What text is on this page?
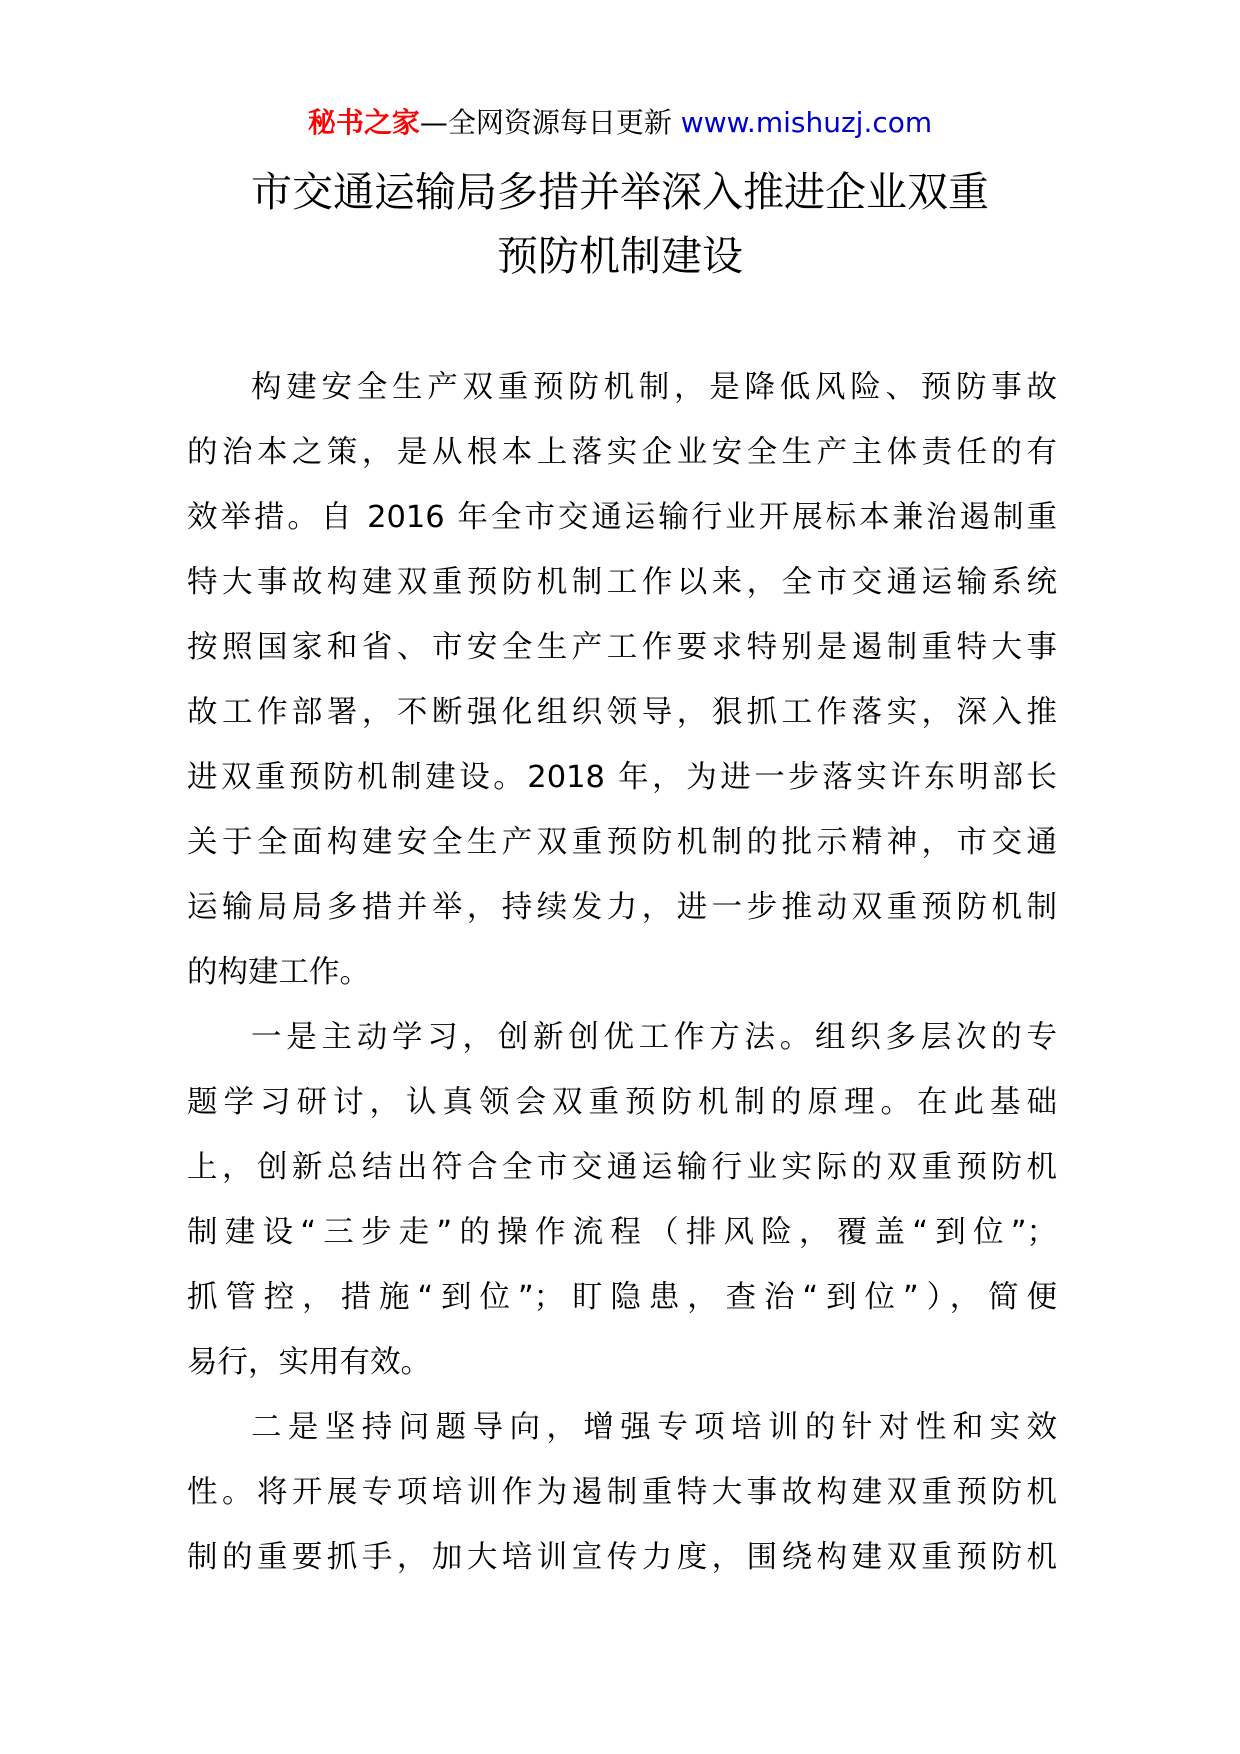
秘书之家—全网资源每日更新 www.mishuzj.com
市交通运输局多措并举深入推进企业双重
预防机制建设
构建安全生产双重预防机制，是降低风险、预防事故
的治本之策，是从根本上落实企业安全生产主体责任的有
效举措。自 2016 年全市交通运输行业开展标本兼治遏制重
特大事故构建双重预防机制工作以来，全市交通运输系统
按照国家和省、市安全生产工作要求特别是遏制重特大事
故工作部署，不断强化组织领导，狠抓工作落实，深入推
进双重预防机制建设。2018 年，为进一步落实许东明部长
关于全面构建安全生产双重预防机制的批示精神，市交通
运输局局多措并举，持续发力，进一步推动双重预防机制
的构建工作。
一是主动学习，创新创优工作方法。组织多层次的专
题学习研讨，认真领会双重预防机制的原理。在此基础
上，创新总结出符合全市交通运输行业实际的双重预防机
制建设“三步走”的操作流程（排风险，覆盖“到位”；
抓管控，措施“到位”；盯隐患，查治“到位”），简便
易行，实用有效。
二是坚持问题导向，增强专项培训的针对性和实效
性。将开展专项培训作为遏制重特大事故构建双重预防机
制的重要抓手，加大培训宣传力度，围绕构建双重预防机
